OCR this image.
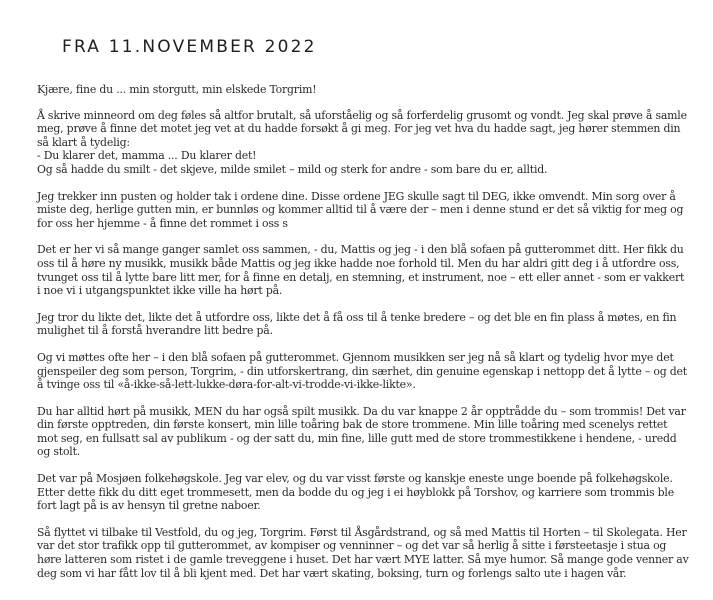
FRA 11.NOVEMBER 2022

Kjære, fine du ... min storgutt, min elskede Torgrim!

Å skrive minneord om deg føles så altfor brutalt, så uforståelig og så forferdelig grusomt og vondt. Jeg skal prøve å samle meg, prøve å finne det motet jeg vet at du hadde forsøkt å gi meg. For jeg vet hva du hadde sagt, jeg hører stemmen din så klart å tydelig:
- Du klarer det, mamma ... Du klarer det!
Og så hadde du smilt - det skjeve, milde smilet – mild og sterk for andre - som bare du er, alltid.

Jeg trekker inn pusten og holder tak i ordene dine. Disse ordene JEG skulle sagt til DEG, ikke omvendt. Min sorg over å miste deg, herlige gutten min, er bunnløs og kommer alltid til å være der – men i denne stund er det så viktig for meg og for oss her hjemme - å finne det rommet i oss s

Det er her vi så mange ganger samlet oss sammen, - du, Mattis og jeg - i den blå sofaen på gutterommet ditt. Her fikk du oss til å høre ny musikk, musikk både Mattis og jeg ikke hadde noe forhold til. Men du har aldri gitt deg i å utfordre oss, tvunget oss til å lytte bare litt mer, for å finne en detalj, en stemning, et instrument, noe – ett eller annet - som er vakkert i noe vi i utgangspunktet ikke ville ha hørt på.

Jeg tror du likte det, likte det å utfordre oss, likte det å få oss til å tenke bredere – og det ble en fin plass å møtes, en fin mulighet til å forstå hverandre litt bedre på.

Og vi møttes ofte her – i den blå sofaen på gutterommet. Gjennom musikken ser jeg nå så klart og tydelig hvor mye det gjenspeiler deg som person, Torgrim, - din utforskertrang, din særhet, din genuine egenskap i nettopp det å lytte – og det å tvinge oss til «å-ikke-så-lett-lukke-døra-for-alt-vi-trodde-vi-ikke-likte».

Du har alltid hørt på musikk, MEN du har også spilt musikk. Da du var knappe 2 år opptrådde du – som trommis! Det var din første opptreden, din første konsert, min lille toåring bak de store trommene. Min lille toåring med scenelys rettet mot seg, en fullsatt sal av publikum - og der satt du, min fine, lille gutt med de store trommestikkene i hendene, - uredd og stolt.

Det var på Mosjøen folkehøgskole. Jeg var elev, og du var visst første og kanskje eneste unge boende på folkehøgskole. Etter dette fikk du ditt eget trommesett, men da bodde du og jeg i ei høyblokk på Torshov, og karriere som trommis ble fort lagt på is av hensyn til gretne naboer.

Så flyttet vi tilbake til Vestfold, du og jeg, Torgrim. Først til Åsgårdstrand, og så med Mattis til Horten – til Skolegata. Her var det stor trafikk opp til gutterommet, av kompiser og venninner – og det var så herlig å sitte i førsteetasje i stua og høre latteren som ristet i de gamle treveggene i huset. Det har vært MYE latter. Så mye humor. Så mange gode venner av deg som vi har fått lov til å bli kjent med. Det har vært skating, boksing, turn og forlengs salto ute i hagen vår.
